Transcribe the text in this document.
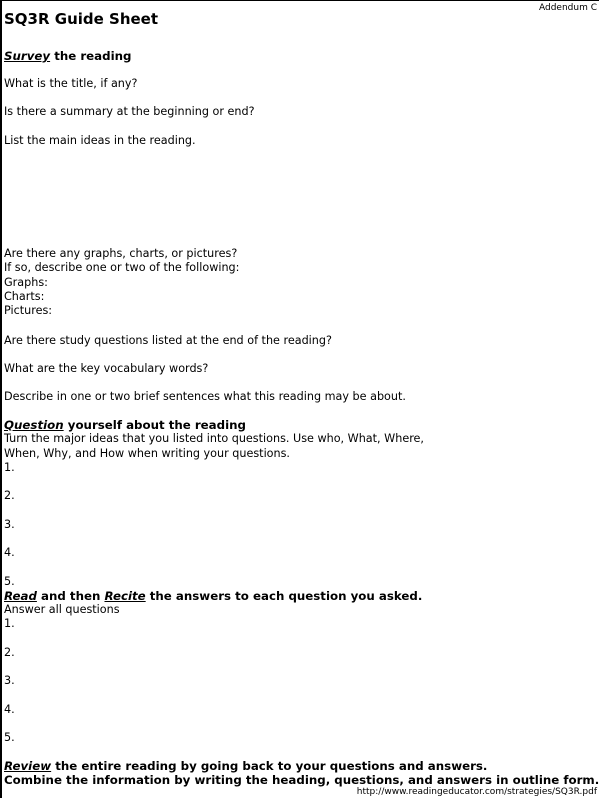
Addendum C
SQ3R Guide Sheet
Survey the reading
What is the title, if any?
Is there a summary at the beginning or end?
List the main ideas in the reading.
Are there any graphs, charts, or pictures?
If so, describe one or two of the following:
Graphs:
Charts:
Pictures:
Are there study questions listed at the end of the reading?
What are the key vocabulary words?
Describe in one or two brief sentences what this reading may be about.
Question yourself about the reading
Turn the major ideas that you listed into questions. Use who, What, Where,
When, Why, and How when writing your questions.
1.
2.
3.
4.
5.
Read and then Recite the answers to each question you asked.
Answer all questions
1.
2.
3.
4.
5.
Review the entire reading by going back to your questions and answers.
Combine the information by writing the heading, questions, and answers in outline form.
http://www.readingeducator.com/strategies/SQ3R.pdf
